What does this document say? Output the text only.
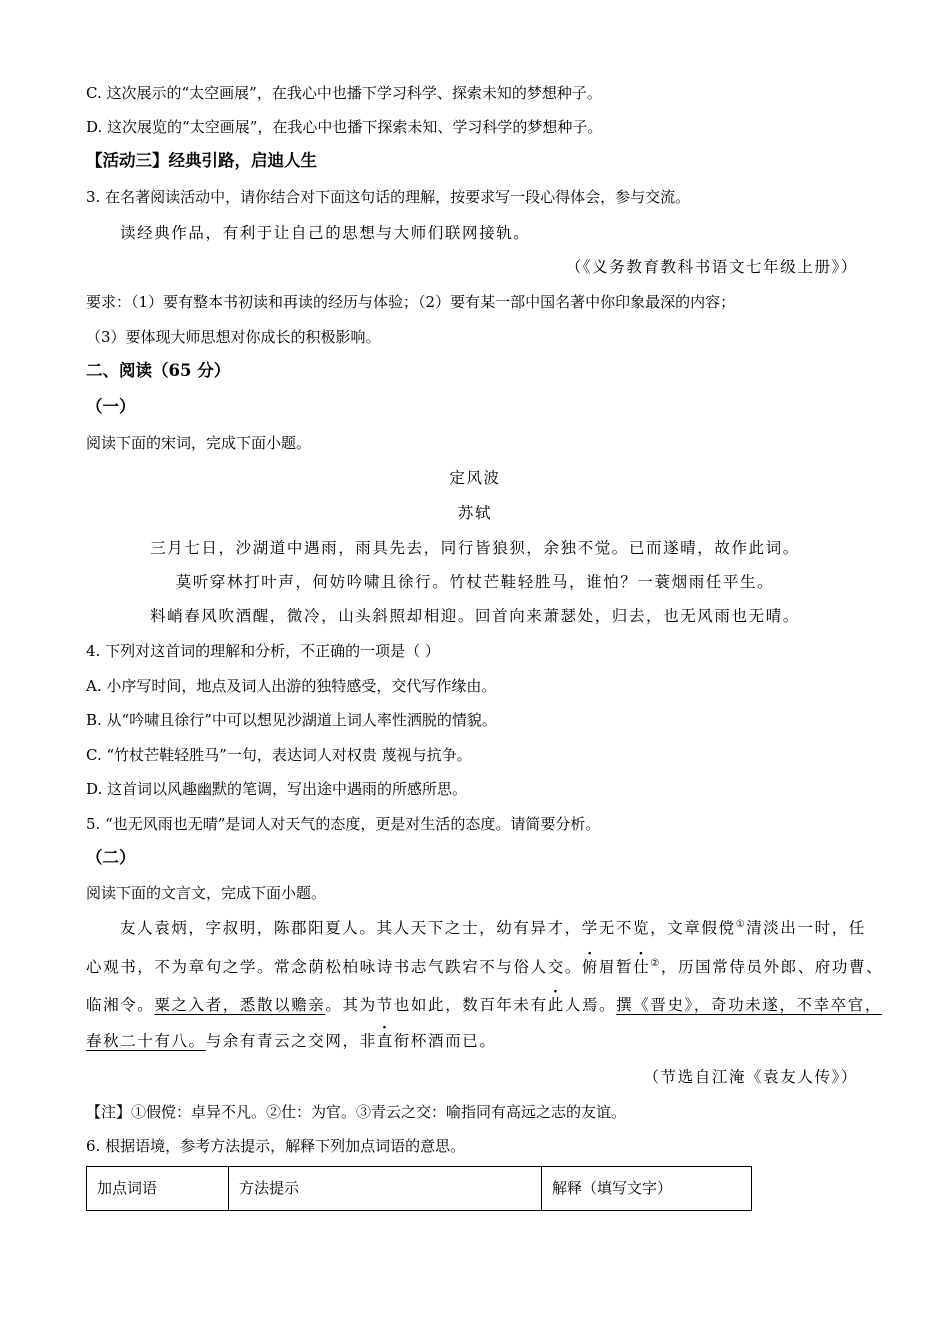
C. 这次展示的“太空画展”，在我心中也播下学习科学、探索未知的梦想种子。
D. 这次展览的“太空画展”，在我心中也播下探索未知、学习科学的梦想种子。
【活动三】经典引路，启迪人生
3. 在名著阅读活动中，请你结合对下面这句话的理解，按要求写一段心得体会，参与交流。
读经典作品，有利于让自己的思想与大师们联网接轨。
（《义务教育教科书语文七年级上册》）
要求：（1）要有整本书初读和再读的经历与体验；（2）要有某一部中国名著中你印象最深的内容；
（3）要体现大师思想对你成长的积极影响。
二、阅读（65 分）
（一）
阅读下面的宋词，完成下面小题。
定风波
苏轼
三月七日，沙湖道中遇雨，雨具先去，同行皆狼狈，余独不觉。已而遂晴，故作此词。
莫听穿林打叶声，何妨吟啸且徐行。竹杖芒鞋轻胜马，谁怕？一蓑烟雨任平生。
料峭春风吹酒醒，微冷，山头斜照却相迎。回首向来萧瑟处，归去，也无风雨也无晴。
4. 下列对这首词的理解和分析，不正确的一项是（ ）
A. 小序写时间，地点及词人出游的独特感受，交代写作缘由。
B. 从“吟啸且徐行”中可以想见沙湖道上词人率性洒脱的情貌。
C. “竹杖芒鞋轻胜马”一句，表达词人对权贵 蔑视与抗争。
D. 这首词以风趣幽默的笔调，写出途中遇雨的所感所思。
5. “也无风雨也无晴”是词人对天气的态度，更是对生活的态度。请简要分析。
（二）
阅读下面的文言文，完成下面小题。
友人袁炳，字叔明，陈郡阳夏人。其人天下之士，幼有异才，学无不览，文章假傥①清淡出一时，任
心观书，不为章句之学。常念荫松柏咏诗书志气跌宕不与俗人交。俯眉暂仕②，历国常侍员外郎、府功曹、
临湘令。粟之入者，悉散以赡亲。其为节也如此，数百年未有此人焉。撰《晋史》，奇功未遂，不幸卒官，
春秋二十有八。与余有青云之交网，非直衔杯酒而已。
（节选自江淹《袁友人传》）
【注】①假傥：卓异不凡。②仕：为官。③青云之交：喻指同有高远之志的友谊。
6. 根据语境，参考方法提示，解释下列加点词语的意思。
加点词语	方法提示	解释（填写文字）
